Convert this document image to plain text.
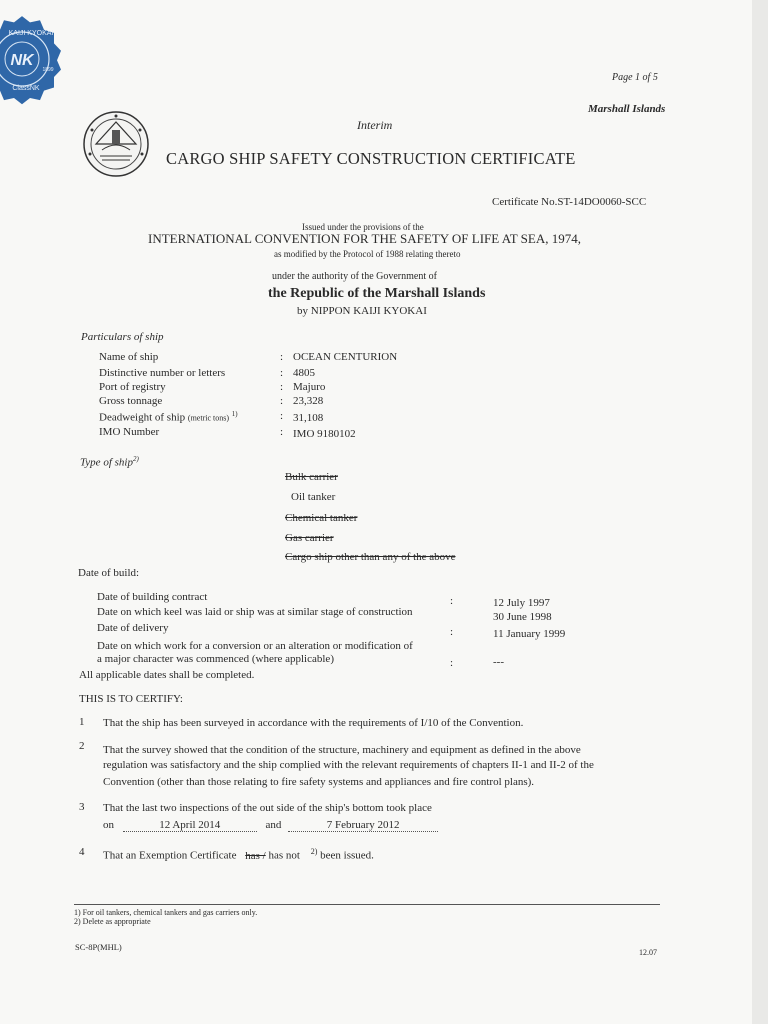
NK
KAIJI KYOKAI
ClassNK
1899
Page 1 of 5
Marshall Islands
Interim
CARGO SHIP SAFETY CONSTRUCTION CERTIFICATE
Certificate No.ST-14DO0060-SCC
Issued under the provisions of the
INTERNATIONAL CONVENTION FOR THE SAFETY OF LIFE AT SEA, 1974,
as modified by the Protocol of 1988 relating thereto
under the authority of the Government of
the Republic of the Marshall Islands
by NIPPON KAIJI KYOKAI
Particulars of ship
Name of ship	: OCEAN CENTURION
Distinctive number or letters	: 4805
Port of registry	: Majuro
Gross tonnage	: 23,328
Deadweight of ship (metric tons) $^{1)}$	: 31,108
IMO Number	: IMO 9180102
Type of ship$^{2)}$
Bulk carrier
Oil tanker
Chemical tanker
Gas carrier
Cargo ship other than any of the above
Date of build:
Date of building contract	:	12 July 1997
Date on which keel was laid or ship was at similar stage of construction	30 June 1998
Date of delivery	:	11 January 1999
Date on which work for a conversion or an alteration or modification of
a major character was commenced (where applicable)	:	---
All applicable dates shall be completed.
THIS IS TO CERTIFY:
1 That the ship has been surveyed in accordance with the requirements of I/10 of the Convention.
2 That the survey showed that the condition of the structure, machinery and equipment as defined in the above
regulation was satisfactory and the ship complied with the relevant requirements of chapters II-1 and II-2 of the
Convention (other than those relating to fire safety systems and appliances and fire control plans).
3 That the last two inspections of the out side of the ship's bottom took place
on	12 April 2014	and	7 February 2012
4 That an Exemption Certificate has / has not $^{2)}$ been issued.
1) For oil tankers, chemical tankers and gas carriers only.
2) Delete as appropriate
SC-8P(MHL)
12.07
